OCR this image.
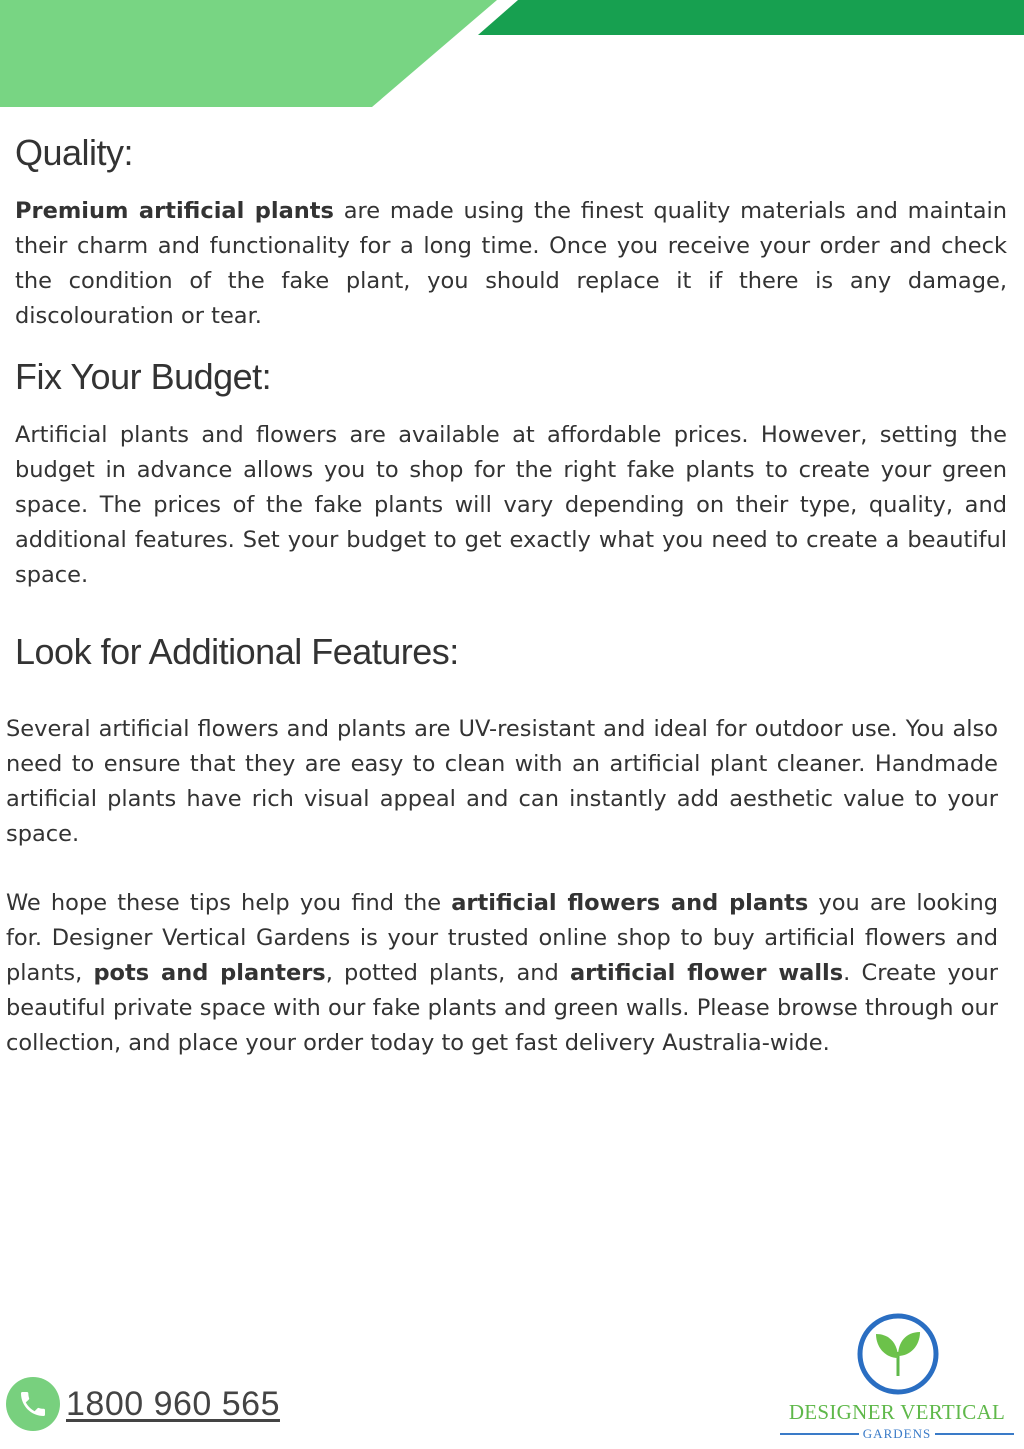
Quality:

Premium artificial plants are made using the finest quality materials and maintain their charm and functionality for a long time. Once you receive your order and check the condition of the fake plant, you should replace it if there is any damage, discolouration or tear.

Fix Your Budget:

Artificial plants and flowers are available at affordable prices. However, setting the budget in advance allows you to shop for the right fake plants to create your green space. The prices of the fake plants will vary depending on their type, quality, and additional features. Set your budget to get exactly what you need to create a beautiful space.

Look for Additional Features:

Several artificial flowers and plants are UV-resistant and ideal for outdoor use. You also need to ensure that they are easy to clean with an artificial plant cleaner. Handmade artificial plants have rich visual appeal and can instantly add aesthetic value to your space.

We hope these tips help you find the artificial flowers and plants you are looking for. Designer Vertical Gardens is your trusted online shop to buy artificial flowers and plants, pots and planters, potted plants, and artificial flower walls. Create your beautiful private space with our fake plants and green walls. Please browse through our collection, and place your order today to get fast delivery Australia-wide.

1800 960 565	DESIGNER VERTICAL
GARDENS
